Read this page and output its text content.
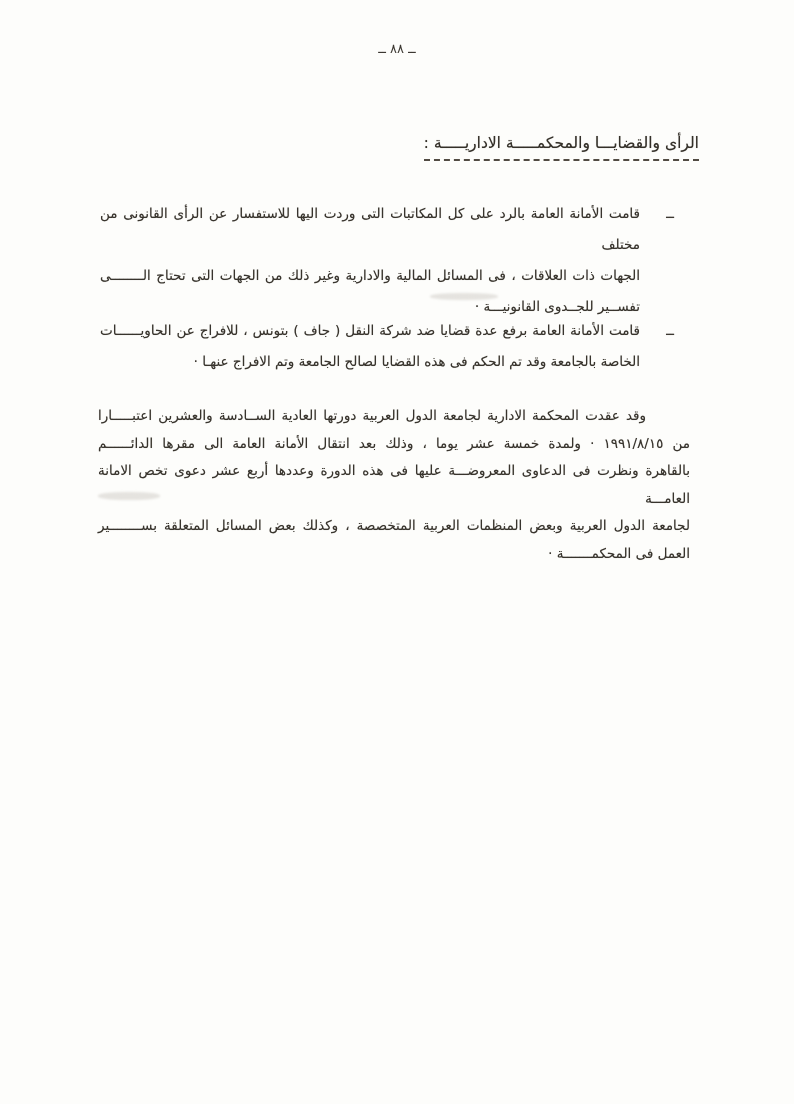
ــ ٨٨ ــ
الرأى والقضايـــا والمحكمـــــة الاداريـــــة :
ــ
قامت الأمانة العامة بالرد على كل المكاتبات التى وردت اليها للاستفسار عن الرأى القانونى من مختلف
الجهات ذات العلاقات ، فى المسائل المالية والادارية وغير ذلك من الجهات التى تحتاج الــــــــى
تفســير للجــدوى القانونيـــة ·
ــ
قامت الأمانة العامة برفع عدة قضايا ضد شركة النقل ( جاف ) بتونس ، للافراج عن الحاويــــــات
الخاصة بالجامعة وقد تم الحكم فى هذه القضايا لصالح الجامعة وتم الافراج عنهـا ·
وقد عقدت المحكمة الادارية لجامعة الدول العربية دورتها العادية الســادسة والعشرين اعتبـــــارا
من ١٩٩١/٨/١٥ · ولمدة خمسة عشر يوما ، وذلك بعد انتقال الأمانة العامة الى مقرها الدائــــــم
بالقاهرة ونظرت فى الدعاوى المعروضـــة عليها فى هذه الدورة وعددها أربع عشر دعوى تخص الامانة العامـــة
لجامعة الدول العربية وبعض المنظمات العربية المتخصصة ، وكذلك بعض المسائل المتعلقة بســــــــير
العمل فى المحكمـــــــة ·
